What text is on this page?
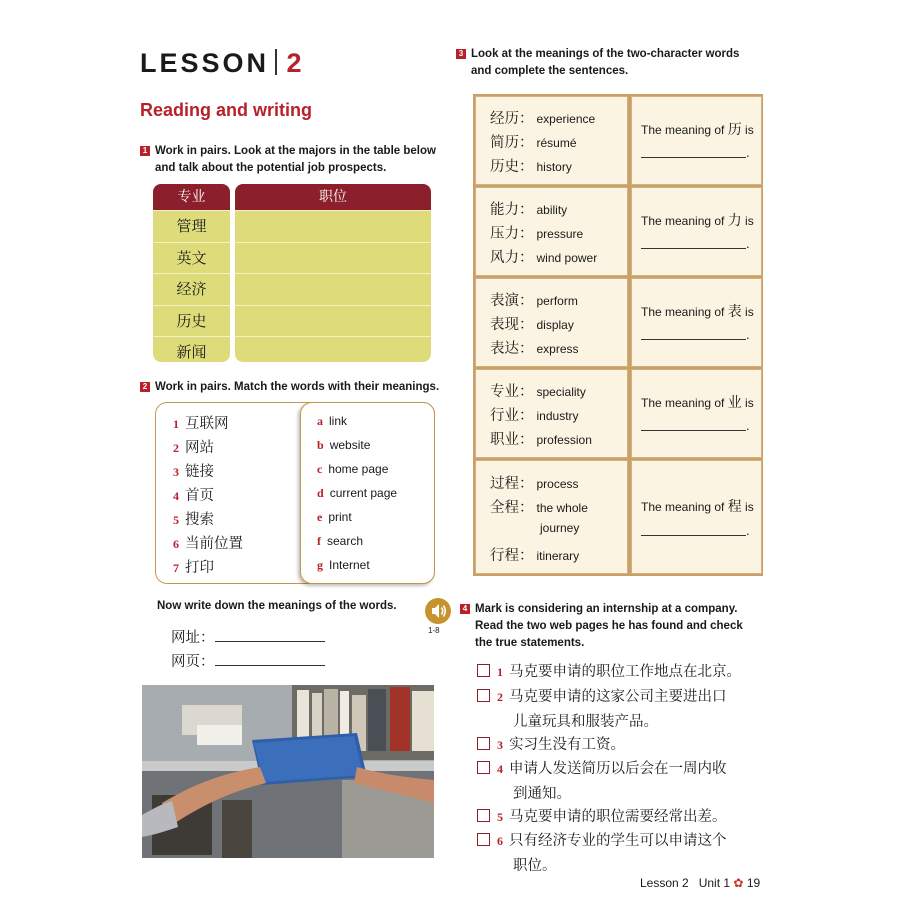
LESSON 2
Reading and writing
1 Work in pairs. Look at the majors in the table below
and talk about the potential job prospects.
专业
管理
英文
经济
历史
新闻
职位
2 Work in pairs. Match the words with their meanings.
1 互联网
2 网站
3 链接
4 首页
5 搜索
6 当前位置
7 打印
a link
b website
c home page
d current page
e print
f search
g Internet
Now write down the meanings of the words.
网址：
网页：
3 Look at the meanings of the two-character words
and complete the sentences.
经历： experience
简历： résumé
历史： history
The meaning of 历 is
.
能力： ability
压力： pressure
风力： wind power
The meaning of 力 is
.
表演： perform
表现： display
表达： express
The meaning of 表 is
.
专业： speciality
行业： industry
职业： profession
The meaning of 业 is
.
过程： process
全程： the whole
journey
行程： itinerary
The meaning of 程 is
.
1-8
4 Mark is considering an internship at a company.
Read the two web pages he has found and check
the true statements.
1 马克要申请的职位工作地点在北京。
2 马克要申请的这家公司主要进出口
儿童玩具和服装产品。
3 实习生没有工资。
4 申请人发送简历以后会在一周内收
到通知。
5 马克要申请的职位需要经常出差。
6 只有经济专业的学生可以申请这个
职位。
Lesson 2 Unit 1 ✿ 19
